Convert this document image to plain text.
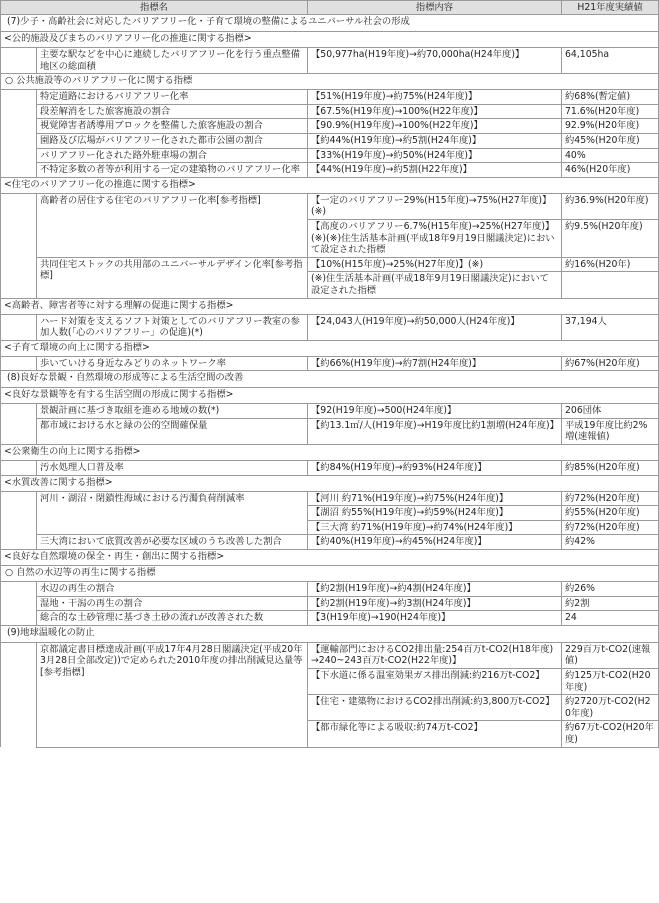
指標名		指標内容	H21年度実績値
(7)少子・高齢社会に対応したバリアフリー化・子育て環境の整備によるユニバーサル社会の形成			
<公的施設及びまちのバリアフリー化の推進に関する指標>			
	主要な駅などを中心に連続したバリアフリー化を行う重点整備地区の総面積	【50,977ha(H19年度)→約70,000ha(H24年度)】	64,105ha
○ 公共施設等のバリアフリー化に関する指標			
	特定道路におけるバリアフリー化率	【51%(H19年度)→約75%(H24年度)】	約68%(暫定値)
	段差解消をした旅客施設の割合	【67.5%(H19年度)→100%(H22年度)】	71.6%(H20年度)
	視覚障害者誘導用ブロックを整備した旅客施設の割合	【90.9%(H19年度)→100%(H22年度)】	92.9%(H20年度)
	園路及び広場がバリアフリー化された都市公園の割合	【約44%(H19年度)→約5割(H24年度)】	約45%(H20年度)
	バリアフリー化された路外駐車場の割合	【33%(H19年度)→約50%(H24年度)】	40%
	不特定多数の者等が利用する一定の建築物のバリアフリー化率	【44%(H19年度)→約5割(H22年度)】	46%(H20年度)
<住宅のバリアフリー化の推進に関する指標>			
	高齢者の居住する住宅のバリアフリー化率[参考指標]	【一定のバリアフリー29%(H15年度)→75%(H27年度)】(※)	約36.9%(H20年度)
		【高度のバリアフリー6.7%(H15年度)→25%(H27年度)】(※)(※)住生活基本計画(平成18年9月19日閣議決定)において設定された指標	約9.5%(H20年度)
	共同住宅ストックの共用部のユニバーサルデザイン化率[参考指標]	【10%(H15年度)→25%(H27年度)】(※)	約16%(H20年)
		(※)住生活基本計画(平成18年9月19日閣議決定)において設定された指標	
<高齢者、障害者等に対する理解の促進に関する指標>			
	ハード対策を支えるソフト対策としてのバリアフリー教室の参加人数(「心のバリアフリー」の促進)(*)	【24,043人(H19年度)→約50,000人(H24年度)】	37,194人
<子育て環境の向上に関する指標>			
	歩いていける身近なみどりのネットワーク率	【約66%(H19年度)→約7割(H24年度)】	約67%(H20年度)
(8)良好な景観・自然環境の形成等による生活空間の改善			
<良好な景観等を有する生活空間の形成に関する指標>			
	景観計画に基づき取組を進める地域の数(*)	【92(H19年度)→500(H24年度)】	206団体
	都市域における水と緑の公的空間確保量	【約13.1㎡/人(H19年度)→H19年度比約1割増(H24年度)】	平成19年度比約2%増(速報値)
<公衆衛生の向上に関する指標>			
	汚水処理人口普及率	【約84%(H19年度)→約93%(H24年度)】	約85%(H20年度)
<水質改善に関する指標>			
	河川・湖沼・閉鎖性海域における汚濁負荷削減率	【河川 約71%(H19年度)→約75%(H24年度)】	約72%(H20年度)
		【湖沼 約55%(H19年度)→約59%(H24年度)】	約55%(H20年度)
		【三大湾 約71%(H19年度)→約74%(H24年度)】	約72%(H20年度)
	三大湾において底質改善が必要な区域のうち改善した割合	【約40%(H19年度)→約45%(H24年度)】	約42%
<良好な自然環境の保全・再生・創出に関する指標>			
○ 自然の水辺等の再生に関する指標			
	水辺の再生の割合	【約2割(H19年度)→約4割(H24年度)】	約26%
	湿地・干潟の再生の割合	【約2割(H19年度)→約3割(H24年度)】	約2割
	総合的な土砂管理に基づき土砂の流れが改善された数	【3(H19年度)→190(H24年度)】	24
(9)地球温暖化の防止			
	京都議定書目標達成計画(平成17年4月28日閣議決定(平成20年3月28日全部改定))で定められた2010年度の排出削減見込量等[参考指標]	【運輸部門におけるCO2排出量:254百万t-CO2(H18年度)→240~243百万t-CO2(H22年度)】	229百万t-CO2(速報値)
		【下水道に係る温室効果ガス排出削減:約216万t-CO2】	約125万t-CO2(H20年度)
		【住宅・建築物におけるCO2排出削減:約3,800万t-CO2】	約2720万t-CO2(H20年度)
		【都市緑化等による吸収:約74万t-CO2】	約67万t-CO2(H20年度)
